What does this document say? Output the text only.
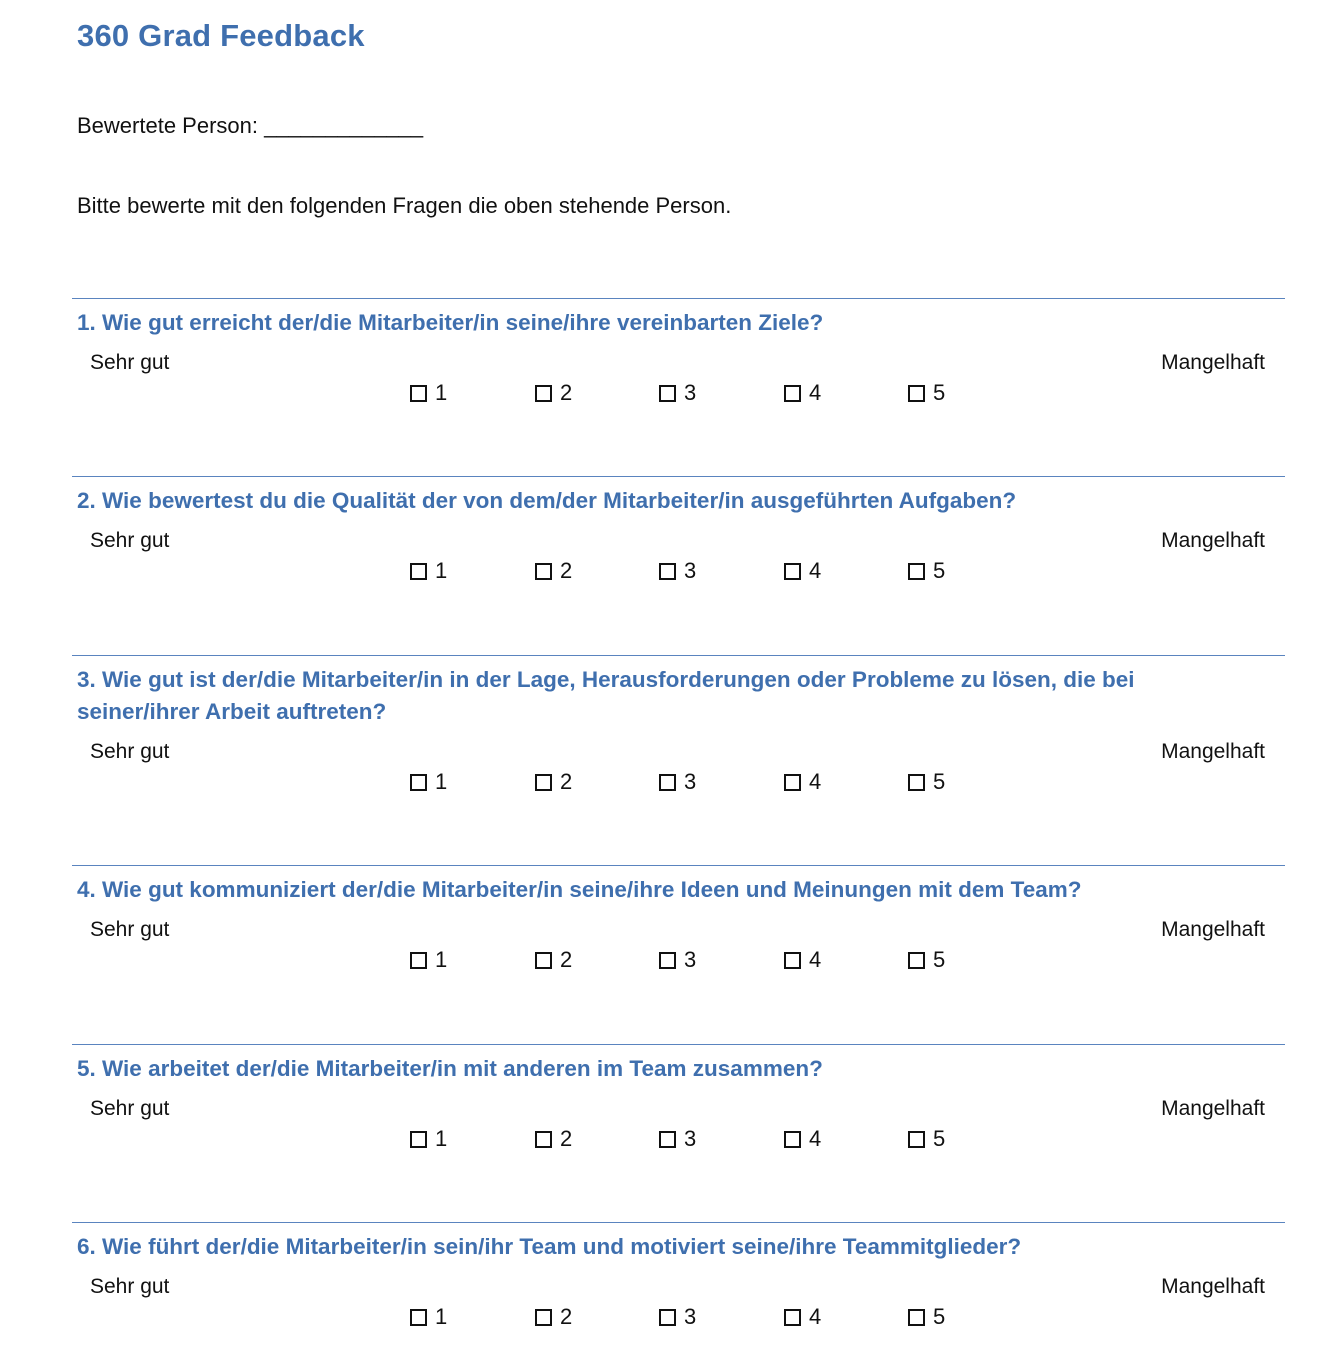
360 Grad Feedback
Bewertete Person: _____________
Bitte bewerte mit den folgenden Fragen die oben stehende Person.

1. Wie gut erreicht der/die Mitarbeiter/in seine/ihre vereinbarten Ziele?

Sehr gut	Mangelhaft
1	2	3	4	5

2. Wie bewertest du die Qualität der von dem/der Mitarbeiter/in ausgeführten Aufgaben?

Sehr gut	Mangelhaft
1	2	3	4	5

3. Wie gut ist der/die Mitarbeiter/in in der Lage, Herausforderungen oder Probleme zu lösen, die bei seiner/ihrer Arbeit auftreten?

Sehr gut	Mangelhaft
1	2	3	4	5

4. Wie gut kommuniziert der/die Mitarbeiter/in seine/ihre Ideen und Meinungen mit dem Team?

Sehr gut	Mangelhaft
1	2	3	4	5

5. Wie arbeitet der/die Mitarbeiter/in mit anderen im Team zusammen?

Sehr gut	Mangelhaft
1	2	3	4	5

6. Wie führt der/die Mitarbeiter/in sein/ihr Team und motiviert seine/ihre Teammitglieder?

Sehr gut	Mangelhaft
1	2	3	4	5
